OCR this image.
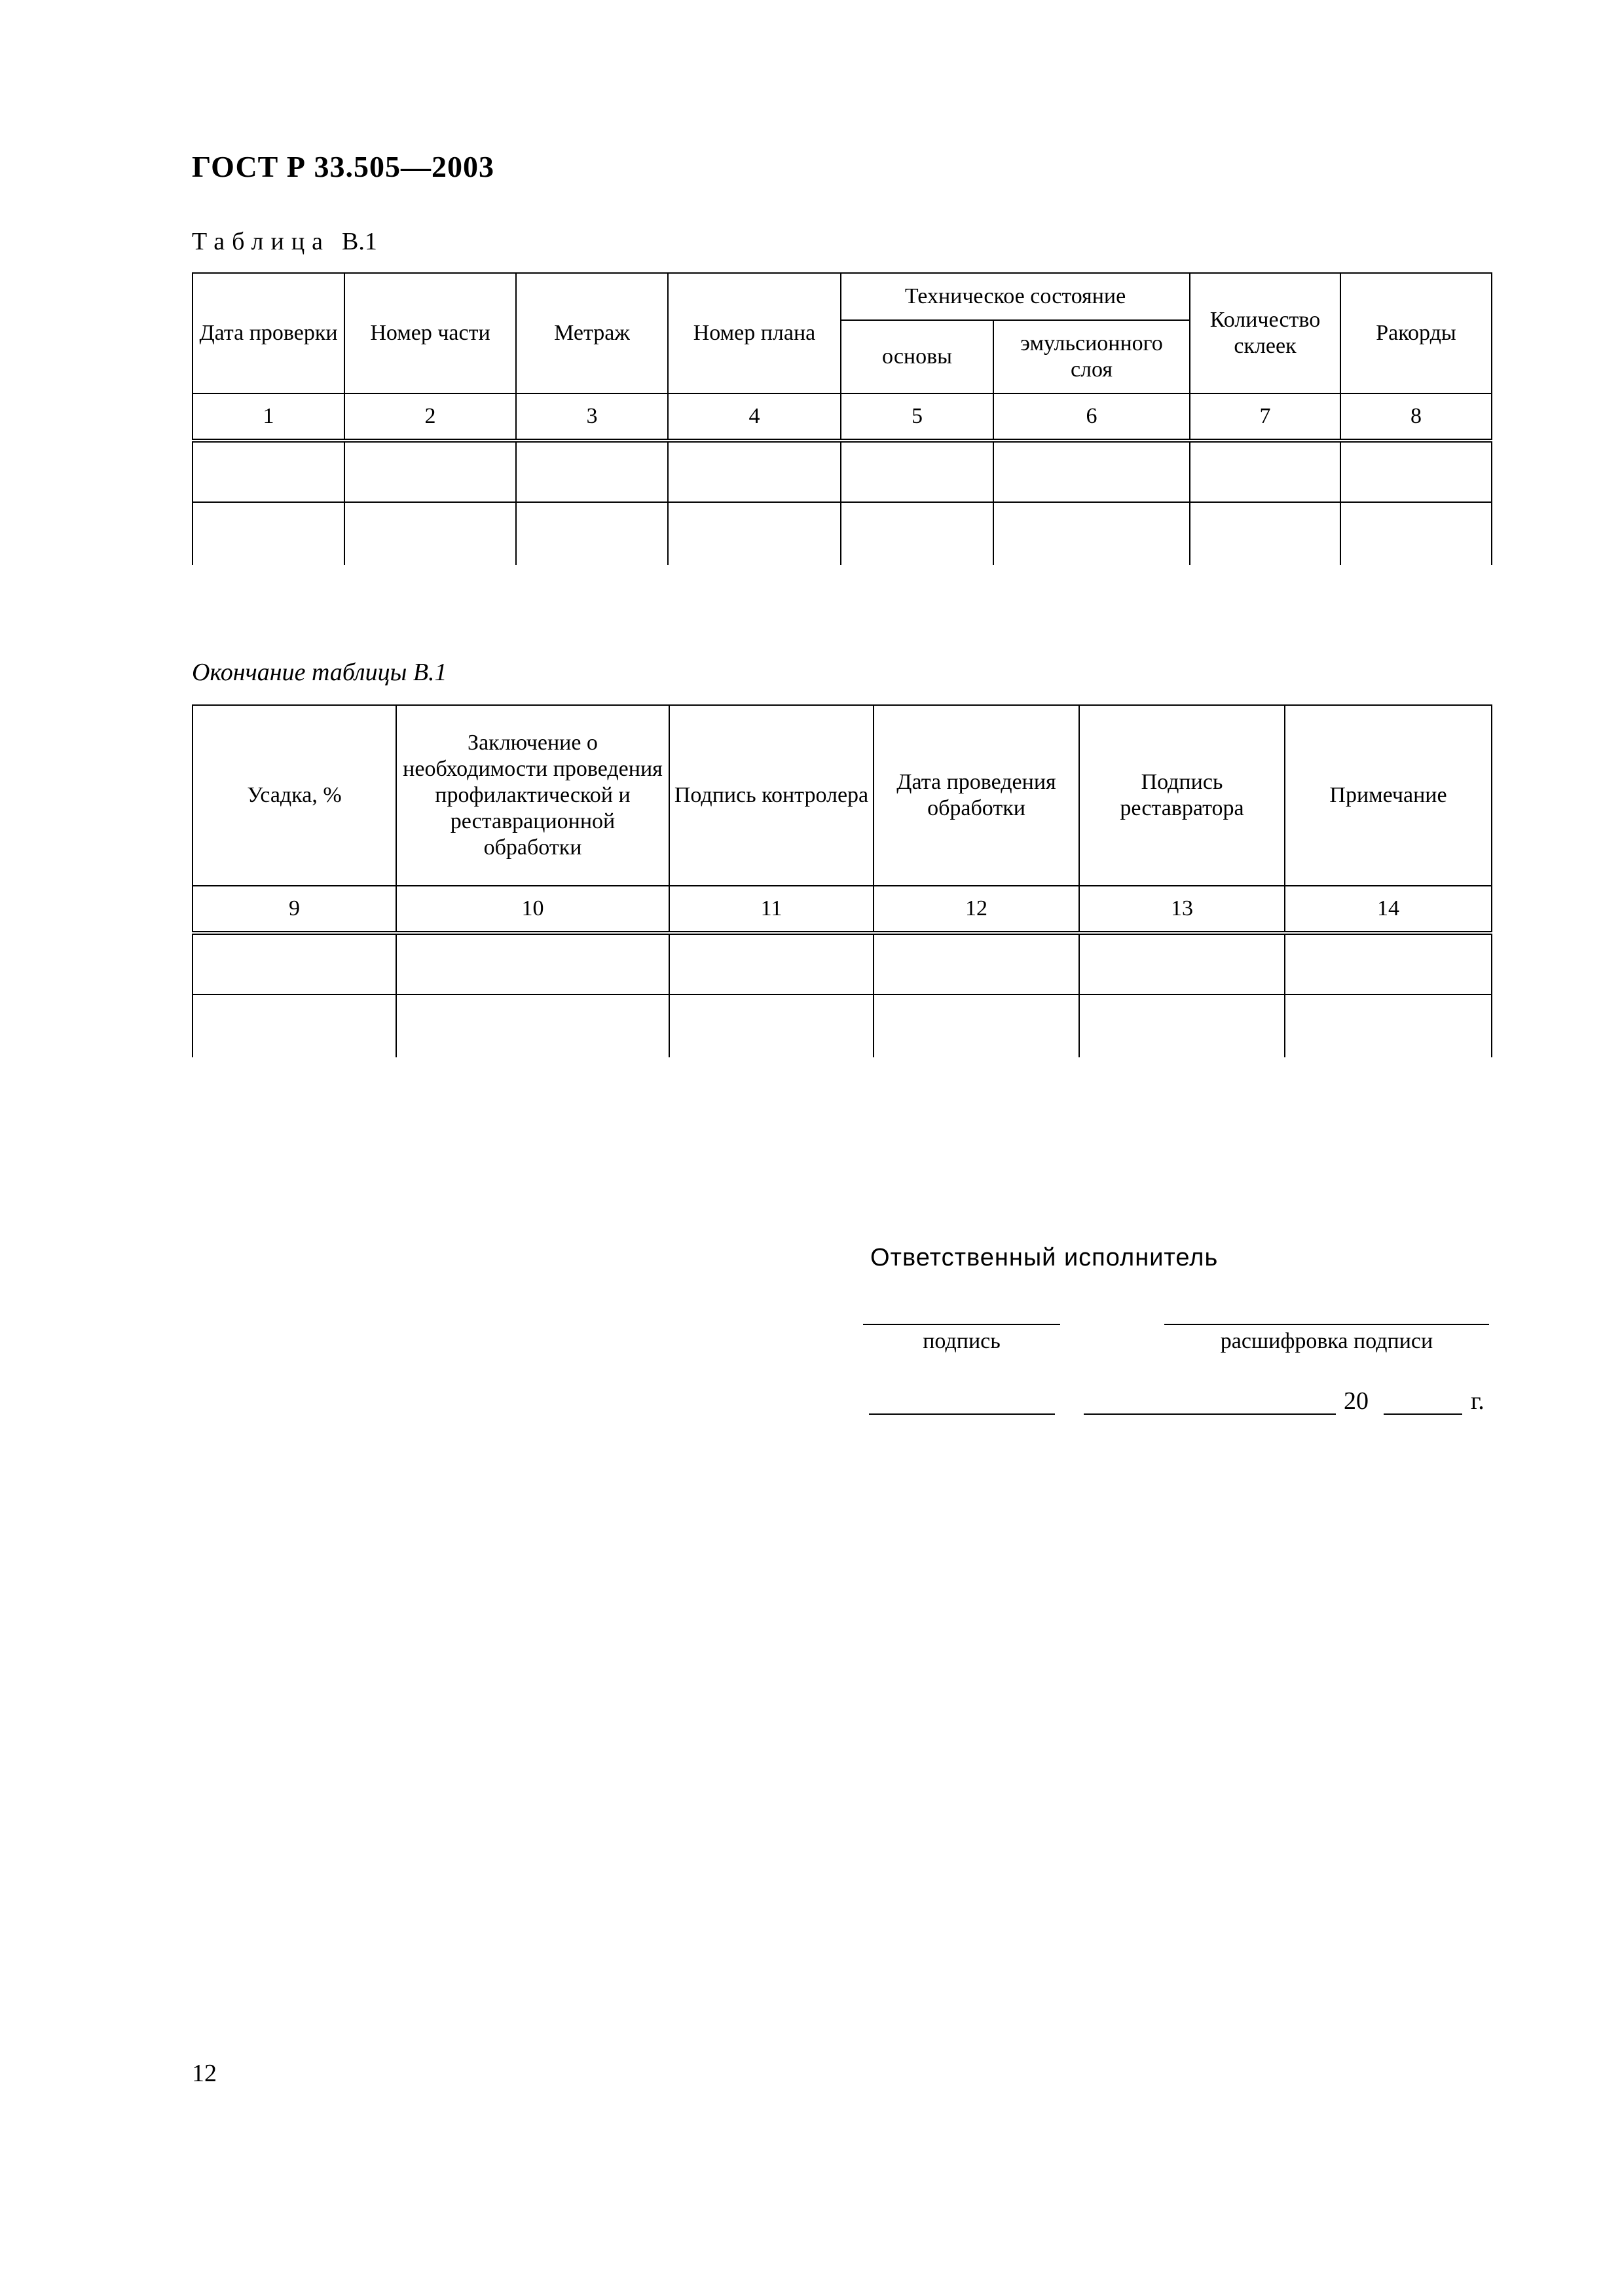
ГОСТ Р 33.505—2003
Таблица В.1
Дата проверки	Номер части	Метраж	Номер плана	Техническое состояние		Количество склеек	Ракорды
				основы	эмульсионного слоя		
1	2	3	4	5	6	7	8

Окончание таблицы В.1
Усадка, %	Заключение о необходимости проведения профилактической и реставрационной обработки	Подпись контролера	Дата проведения обработки	Подпись реставратора	Примечание
9	10	11	12	13	14

Ответственный исполнитель
подпись	расшифровка подписи
20	г.
12
